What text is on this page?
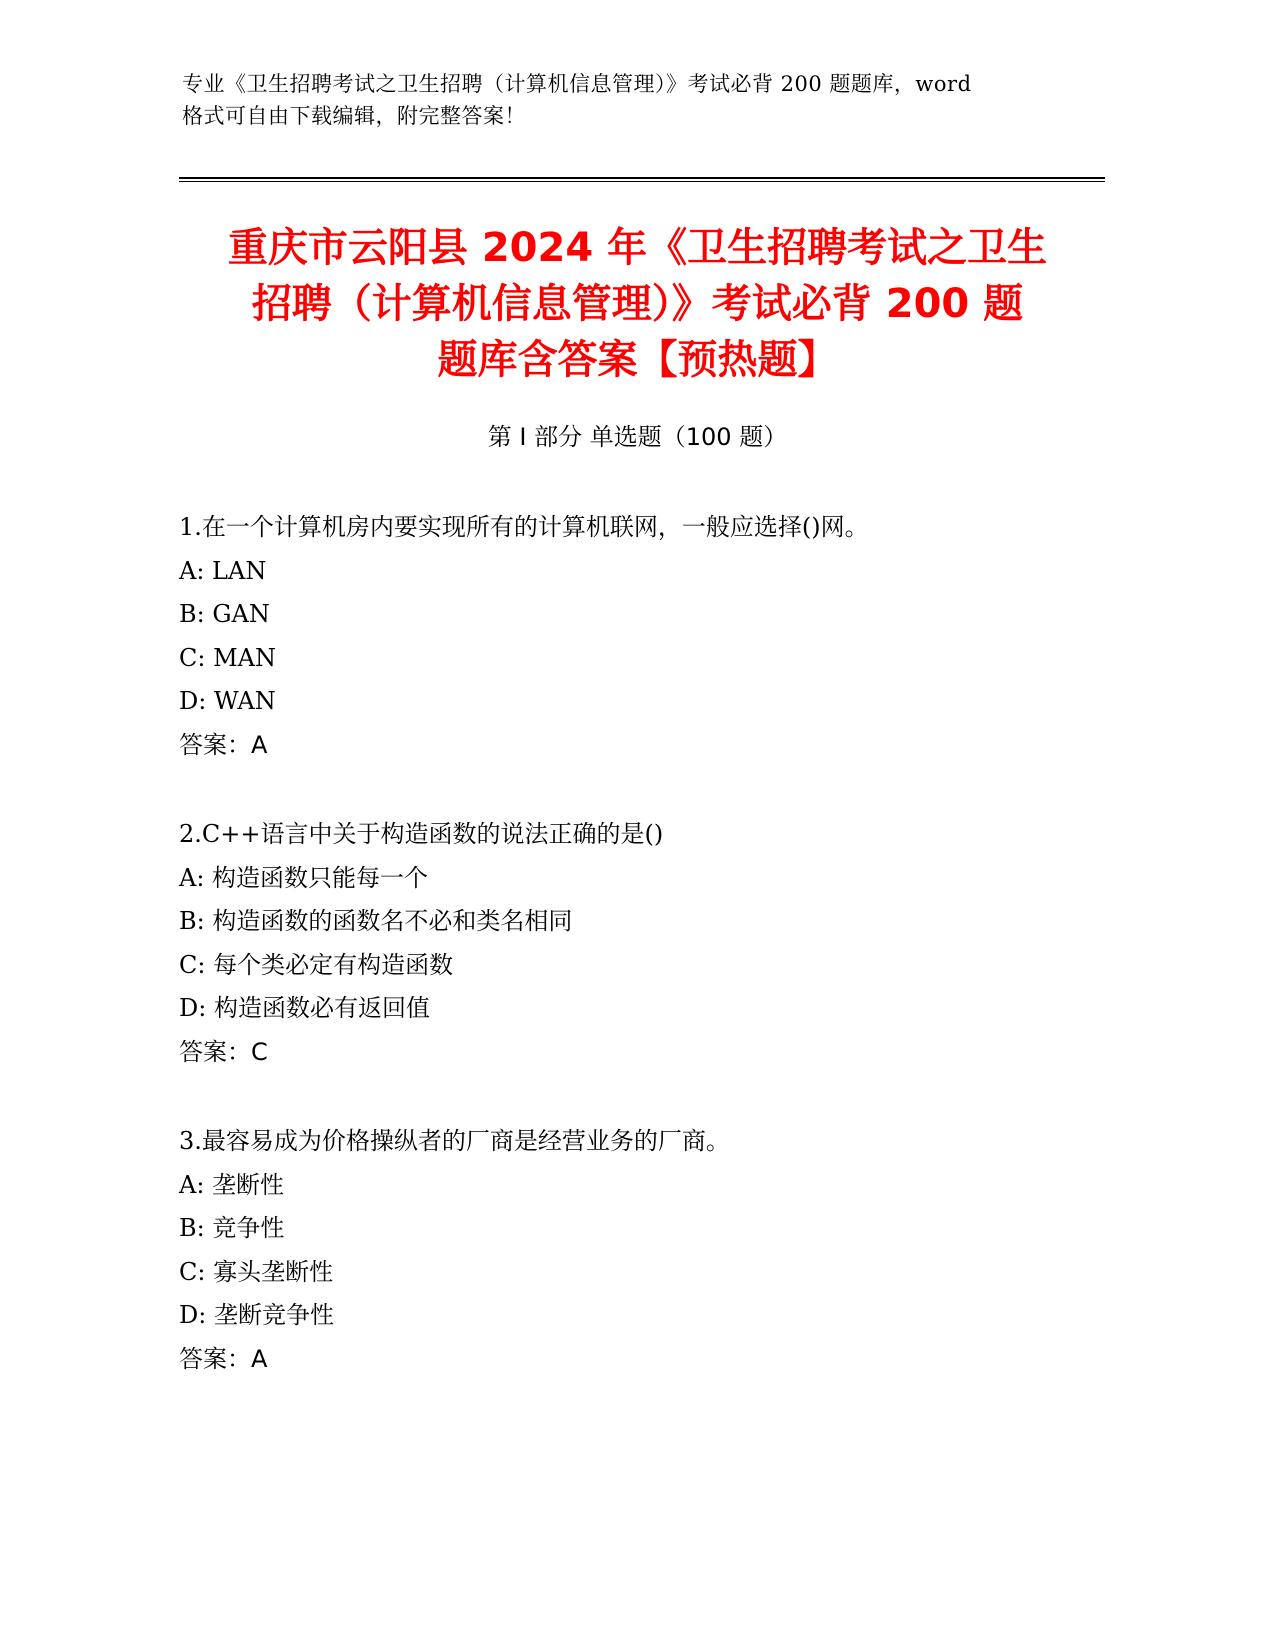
专业《卫生招聘考试之卫生招聘（计算机信息管理）》考试必背 200 题题库，word

格式可自由下载编辑，附完整答案！

重庆市云阳县 2024 年《卫生招聘考试之卫生

招聘（计算机信息管理）》考试必背 200 题

题库含答案【预热题】

第 I 部分 单选题（100 题）
1.在一个计算机房内要实现所有的计算机联网，一般应选择()网。
A: LAN
B: GAN
C: MAN
D: WAN
答案：A
2.C++语言中关于构造函数的说法正确的是()
A: 构造函数只能每一个
B: 构造函数的函数名不必和类名相同
C: 每个类必定有构造函数
D: 构造函数必有返回值
答案：C
3.最容易成为价格操纵者的厂商是经营业务的厂商。
A: 垄断性
B: 竞争性
C: 寡头垄断性
D: 垄断竞争性
答案：A
